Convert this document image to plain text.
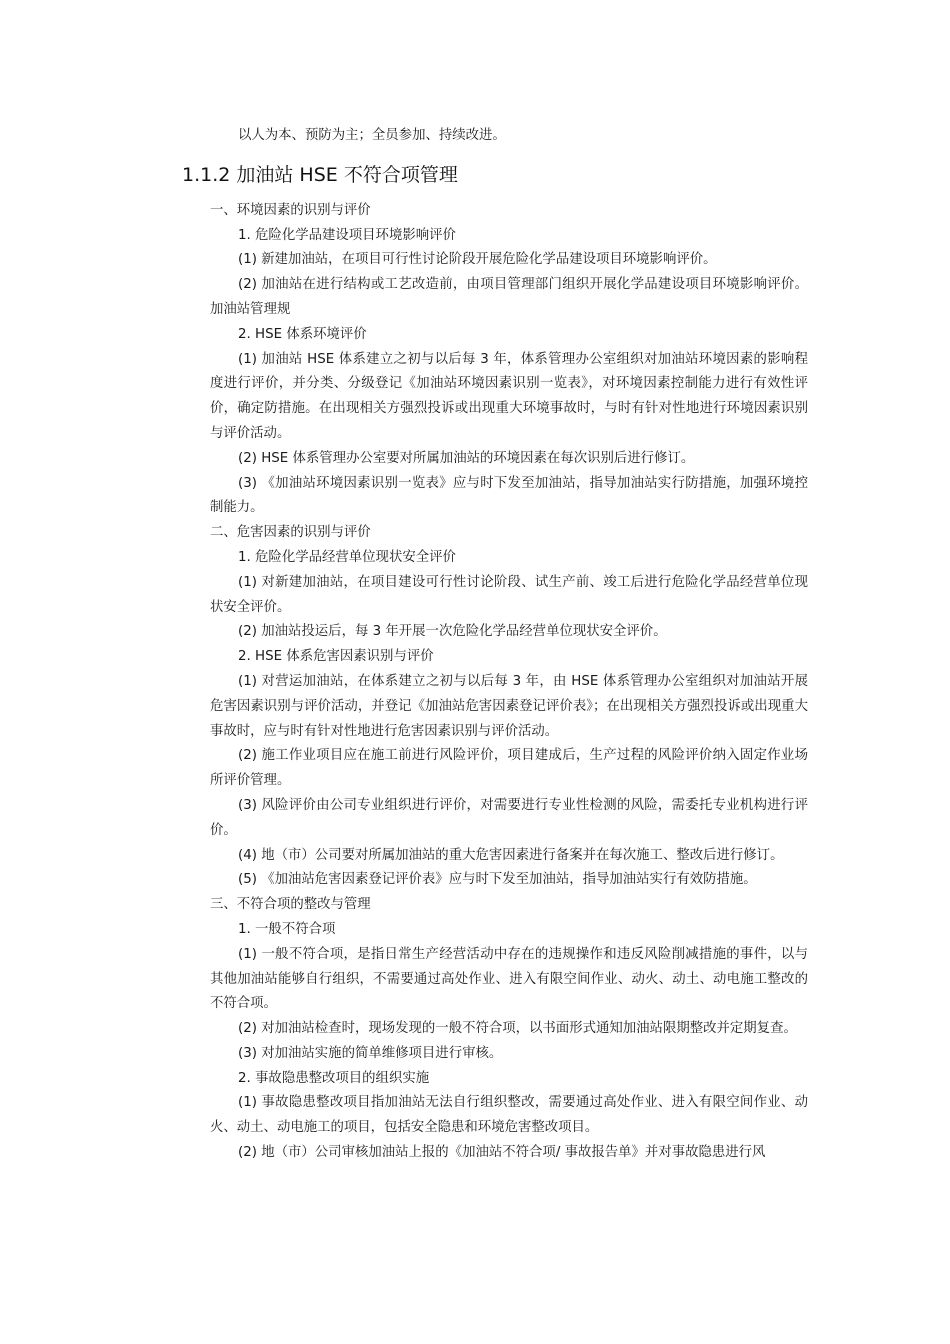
1.1.2 加油站 HSE 不符合项管理

以人为本、预防为主；全员参加、持续改进。

一、环境因素的识别与评价

1. 危险化学品建设项目环境影响评价

(1) 新建加油站，在项目可行性讨论阶段开展危险化学品建设项目环境影响评价。

(2) 加油站在进行结构或工艺改造前，由项目管理部门组织开展化学品建设项目环境影响评价。加油站管理规

2. HSE 体系环境评价

(1) 加油站 HSE 体系建立之初与以后每 3 年，体系管理办公室组织对加油站环境因素的影响程度进行评价，并分类、分级登记《加油站环境因素识别一览表》，对环境因素控制能力进行有效性评价，确定防措施。在出现相关方强烈投诉或出现重大环境事故时，与时有针对性地进行环境因素识别与评价活动。

(2) HSE 体系管理办公室要对所属加油站的环境因素在每次识别后进行修订。

(3) 《加油站环境因素识别一览表》应与时下发至加油站，指导加油站实行防措施，加强环境控制能力。

二、危害因素的识别与评价

1. 危险化学品经营单位现状安全评价

(1) 对新建加油站，在项目建设可行性讨论阶段、试生产前、竣工后进行危险化学品经营单位现状安全评价。

(2) 加油站投运后，每 3 年开展一次危险化学品经营单位现状安全评价。

2. HSE 体系危害因素识别与评价

(1) 对营运加油站，在体系建立之初与以后每 3 年，由 HSE 体系管理办公室组织对加油站开展危害因素识别与评价活动，并登记《加油站危害因素登记评价表》；在出现相关方强烈投诉或出现重大事故时，应与时有针对性地进行危害因素识别与评价活动。

(2) 施工作业项目应在施工前进行风险评价，项目建成后，生产过程的风险评价纳入固定作业场所评价管理。

(3) 风险评价由公司专业组织进行评价，对需要进行专业性检测的风险，需委托专业机构进行评价。

(4) 地（市）公司要对所属加油站的重大危害因素进行备案并在每次施工、整改后进行修订。

(5) 《加油站危害因素登记评价表》应与时下发至加油站，指导加油站实行有效防措施。

三、不符合项的整改与管理

1. 一般不符合项

(1) 一般不符合项，是指日常生产经营活动中存在的违规操作和违反风险削减措施的事件，以与其他加油站能够自行组织，不需要通过高处作业、进入有限空间作业、动火、动土、动电施工整改的不符合项。

(2) 对加油站检查时，现场发现的一般不符合项，以书面形式通知加油站限期整改并定期复查。

(3) 对加油站实施的简单维修项目进行审核。

2. 事故隐患整改项目的组织实施

(1) 事故隐患整改项目指加油站无法自行组织整改，需要通过高处作业、进入有限空间作业、动火、动土、动电施工的项目，包括安全隐患和环境危害整改项目。

(2) 地（市）公司审核加油站上报的《加油站不符合项/ 事故报告单》并对事故隐患进行风
